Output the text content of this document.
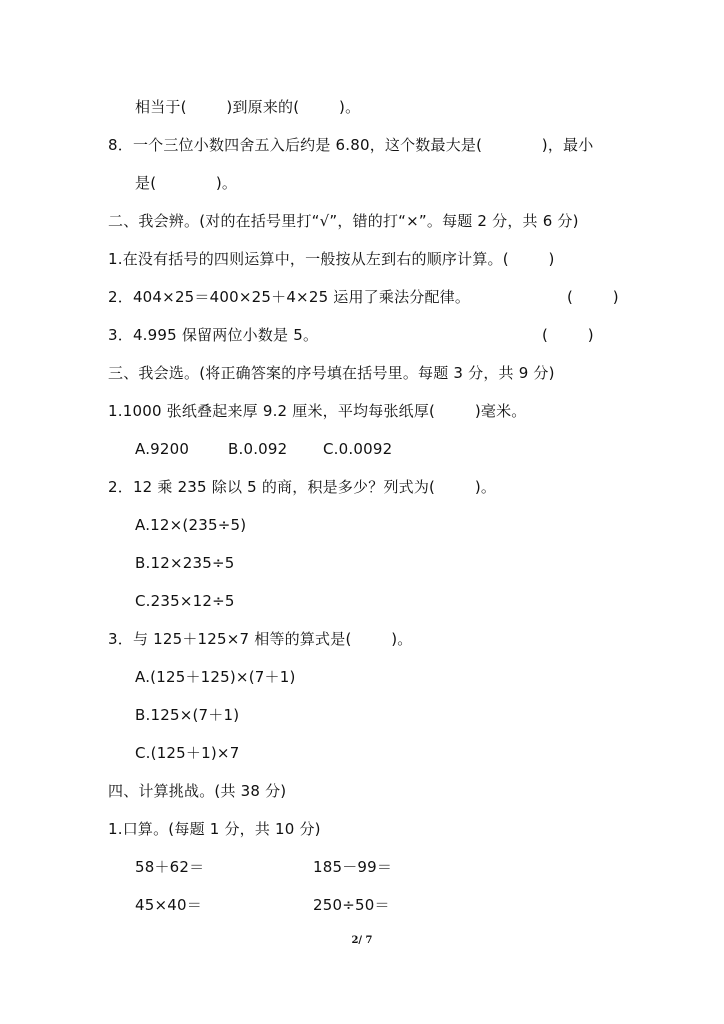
相当于(        )到原来的(        )。
8．一个三位小数四舍五入后约是 6.80，这个数最大是(            )，最小
是(            )。
二、我会辨。(对的在括号里打“√”，错的打“×”。每题 2 分，共 6 分)
1.在没有括号的四则运算中，一般按从左到右的顺序计算。(        )
2．404×25＝400×25＋4×25 运用了乘法分配律。	(        )
3．4.995 保留两位小数是 5。	(        )
三、我会选。(将正确答案的序号填在括号里。每题 3 分，共 9 分)
1.1000 张纸叠起来厚 9.2 厘米，平均每张纸厚(        )毫米。
A.9200	B.0.092 C.0.0092
2．12 乘 235 除以 5 的商，积是多少？列式为(        )。
A.12×(235÷5)
B.12×235÷5
C.235×12÷5
3．与 125＋125×7 相等的算式是(        )。
A.(125＋125)×(7＋1)
B.125×(7＋1)
C.(125＋1)×7
四、计算挑战。(共 38 分)
1.口算。(每题 1 分，共 10 分)
58＋62＝	185－99＝
45×40＝	250÷50＝
2/ 7
